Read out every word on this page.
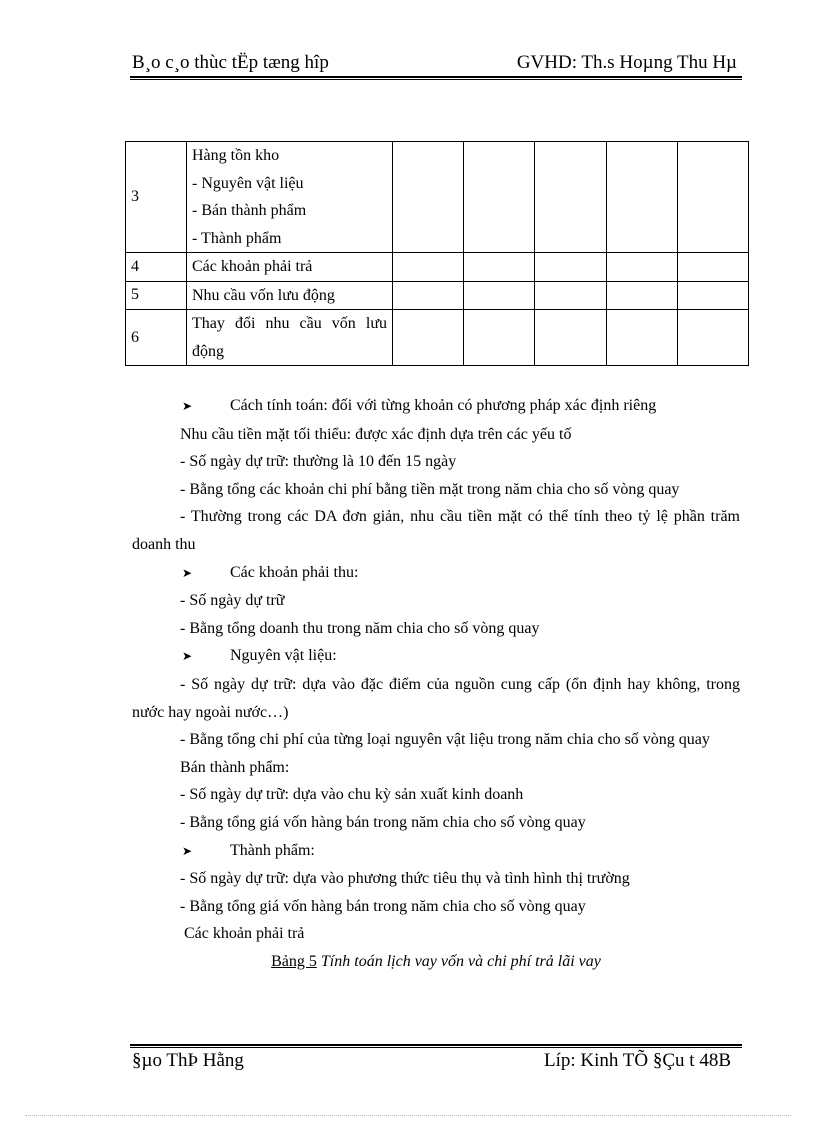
B¸o c¸o thùc tËp tæng hîp	GVHD: Th.s Hoµng Thu Hµ
3	Hàng tồn kho
- Nguyên vật liệu
- Bán thành phẩm
- Thành phẩm					

4	Các khoản phải trả					
5	Nhu cầu vốn lưu động					
6	Thay đổi nhu cầu vốn lưu
động					

➤ Cách tính toán: đối với từng khoản có phương pháp xác định riêng

Nhu cầu tiền mặt tối thiểu: được xác định dựa trên các yếu tố

- Số ngày dự trữ: thường là 10 đến 15 ngày

- Bằng tổng các khoản chi phí bằng tiền mặt trong năm chia cho số vòng quay

- Thường trong các DA đơn giản, nhu cầu tiền mặt có thể tính theo tỷ lệ phần trăm doanh thu

➤ Các khoản phải thu:

- Số ngày dự trữ

- Bằng tổng doanh thu trong năm chia cho số vòng quay

➤ Nguyên vật liệu:

- Số ngày dự trữ: dựa vào đặc điểm của nguồn cung cấp (ổn định hay không, trong nước hay ngoài nước…)

- Bằng tổng chi phí của từng loại nguyên vật liệu trong năm chia cho số vòng quay

Bán thành phẩm:

- Số ngày dự trữ: dựa vào chu kỳ sản xuất kinh doanh

- Bằng tổng giá vốn hàng bán trong năm chia cho số vòng quay

➤ Thành phẩm:

- Số ngày dự trữ: dựa vào phương thức tiêu thụ và tình hình thị trường

- Bằng tổng giá vốn hàng bán trong năm chia cho số vòng quay

Các khoản phải trả

Bảng 5 Tính toán lịch vay vốn và chi phí trả lãi vay

§µo ThÞ Hằng	Líp: Kinh TÕ §Çu t 48B
